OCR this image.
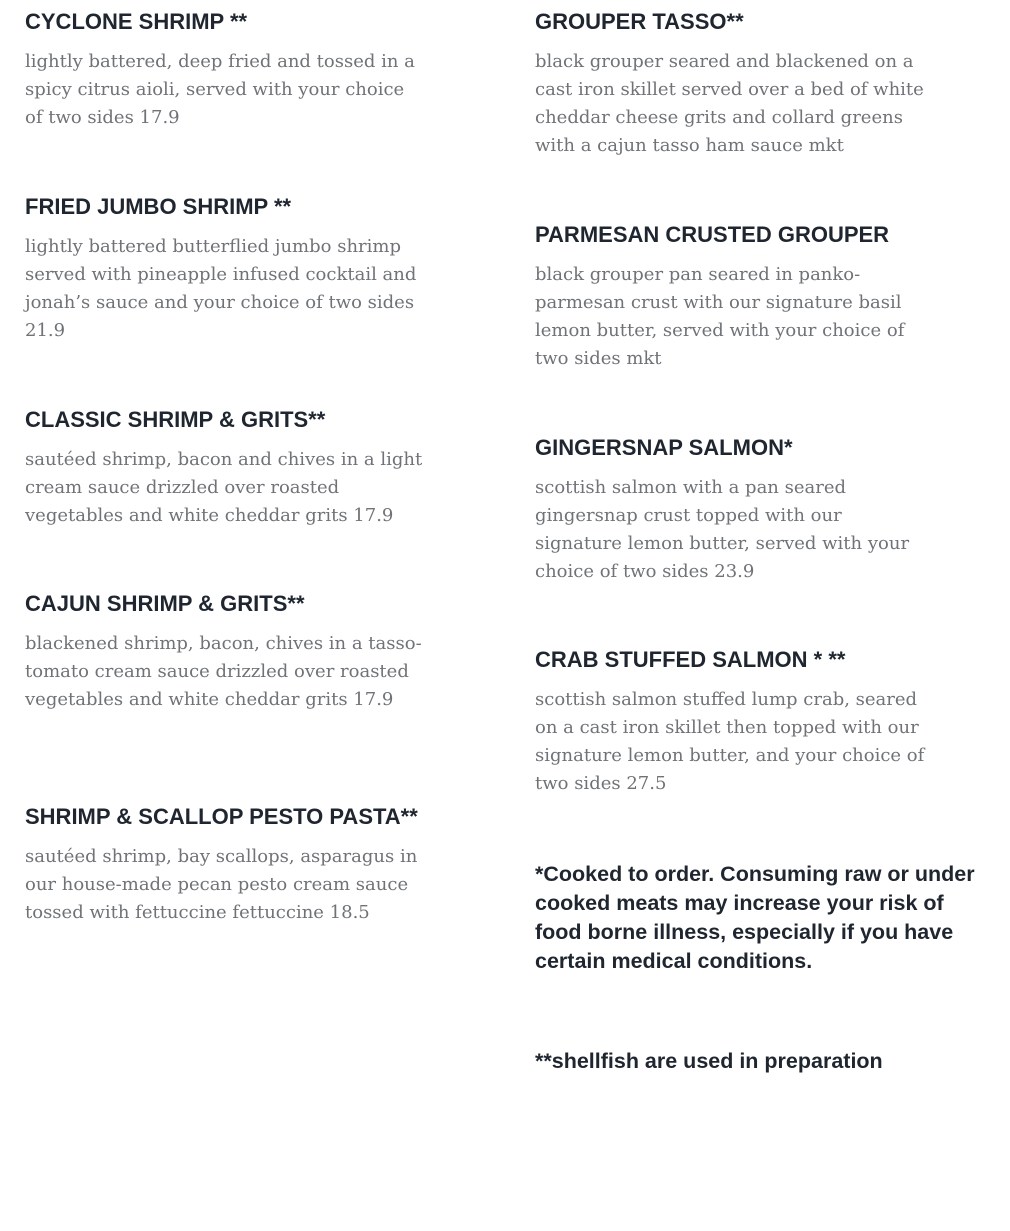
CYCLONE SHRIMP **

lightly battered, deep fried and tossed in a spicy citrus aioli, served with your choice of two sides 17.9

FRIED JUMBO SHRIMP **

lightly battered butterflied jumbo shrimp served with pineapple infused cocktail and jonah’s sauce and your choice of two sides 21.9

CLASSIC SHRIMP & GRITS**

sautéed shrimp, bacon and chives in a light cream sauce drizzled over roasted vegetables and white cheddar grits 17.9

CAJUN SHRIMP & GRITS**

blackened shrimp, bacon, chives in a tasso-tomato cream sauce drizzled over roasted vegetables and white cheddar grits 17.9

SHRIMP & SCALLOP PESTO PASTA**

sautéed shrimp, bay scallops, asparagus in our house-made pecan pesto cream sauce tossed with fettuccine fettuccine 18.5

GROUPER TASSO**

black grouper seared and blackened on a cast iron skillet served over a bed of white cheddar cheese grits and collard greens with a cajun tasso ham sauce mkt

PARMESAN CRUSTED GROUPER

black grouper pan seared in panko-parmesan crust with our signature basil lemon butter, served with your choice of two sides mkt

GINGERSNAP SALMON*

scottish salmon with a pan seared gingersnap crust topped with our signature lemon butter, served with your choice of two sides 23.9

CRAB STUFFED SALMON * **

scottish salmon stuffed lump crab, seared on a cast iron skillet then topped with our signature lemon butter, and your choice of two sides 27.5

*Cooked to order. Consuming raw or under cooked meats may increase your risk of food borne illness, especially if you have certain medical conditions.

**shellfish are used in preparation
